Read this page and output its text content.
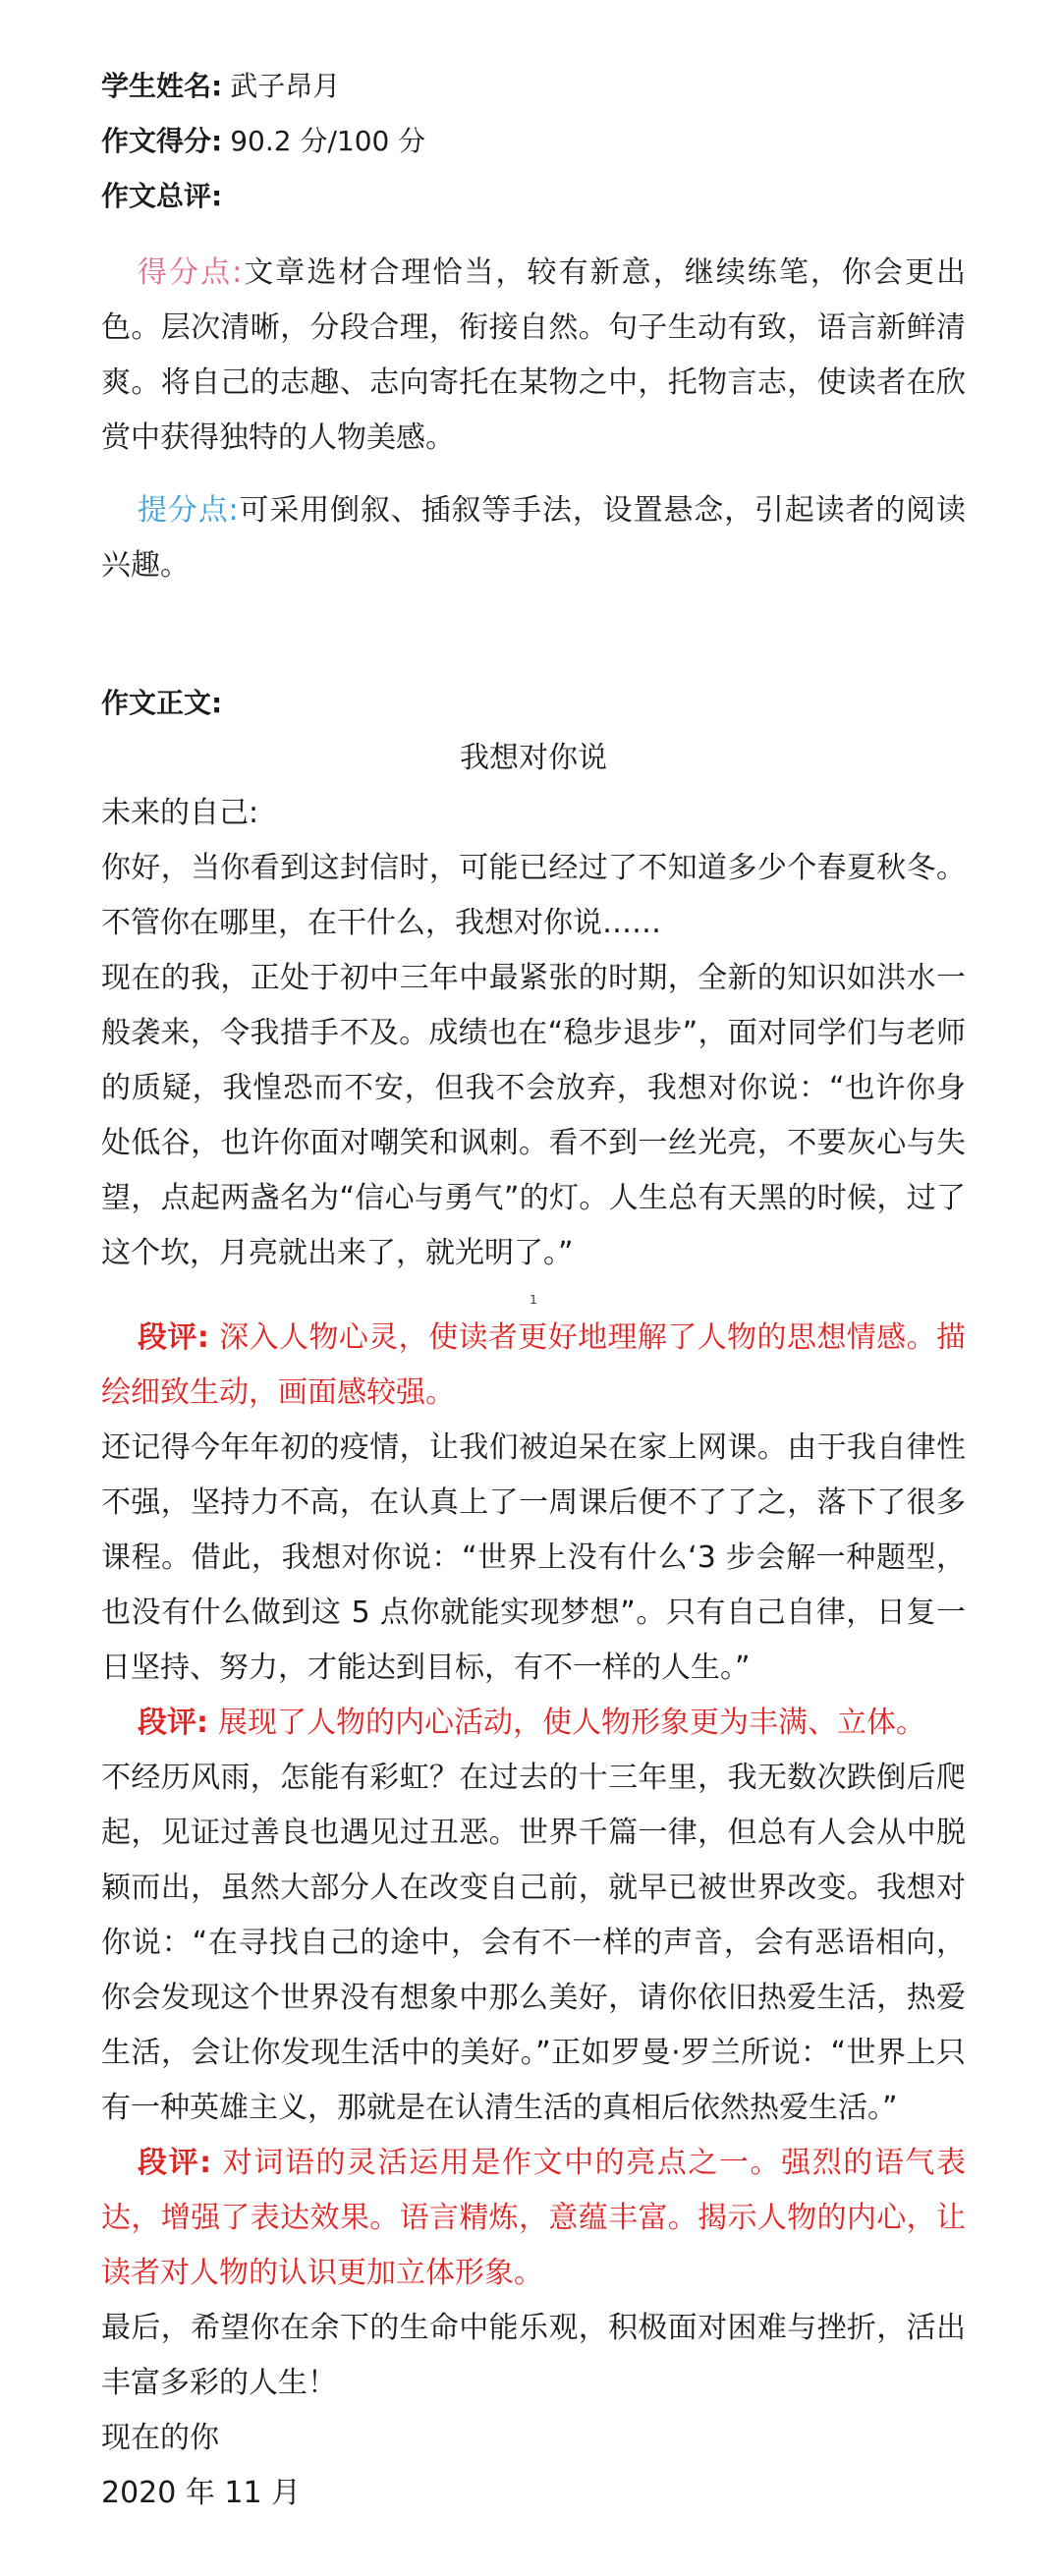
学生姓名: 武子昂月
作文得分: 90.2 分/100 分
作文总评:

得分点:文章选材合理恰当，较有新意，继续练笔，你会更出色。层次清晰，分段合理，衔接自然。句子生动有致，语言新鲜清爽。将自己的志趣、志向寄托在某物之中，托物言志，使读者在欣赏中获得独特的人物美感。

提分点:可采用倒叙、插叙等手法，设置悬念，引起读者的阅读兴趣。

作文正文:

我想对你说

未来的自己:

你好，当你看到这封信时，可能已经过了不知道多少个春夏秋冬。不管你在哪里，在干什么，我想对你说……

现在的我，正处于初中三年中最紧张的时期，全新的知识如洪水一般袭来，令我措手不及。成绩也在“稳步退步”，面对同学们与老师的质疑，我惶恐而不安，但我不会放弃，我想对你说：“也许你身处低谷，也许你面对嘲笑和讽刺。看不到一丝光亮，不要灰心与失望，点起两盏名为“信心与勇气”的灯。人生总有天黑的时候，过了这个坎，月亮就出来了，就光明了。”

1

段评: 深入人物心灵，使读者更好地理解了人物的思想情感。描绘细致生动，画面感较强。

还记得今年年初的疫情，让我们被迫呆在家上网课。由于我自律性不强，坚持力不高，在认真上了一周课后便不了了之，落下了很多课程。借此，我想对你说：“世界上没有什么‘3 步会解一种题型，也没有什么做到这 5 点你就能实现梦想”。只有自己自律，日复一日坚持、努力，才能达到目标，有不一样的人生。”

段评: 展现了人物的内心活动，使人物形象更为丰满、立体。

不经历风雨，怎能有彩虹？在过去的十三年里，我无数次跌倒后爬起，见证过善良也遇见过丑恶。世界千篇一律，但总有人会从中脱颖而出，虽然大部分人在改变自己前，就早已被世界改变。我想对你说：“在寻找自己的途中，会有不一样的声音，会有恶语相向，你会发现这个世界没有想象中那么美好，请你依旧热爱生活，热爱生活，会让你发现生活中的美好。”正如罗曼·罗兰所说：“世界上只有一种英雄主义，那就是在认清生活的真相后依然热爱生活。”

段评: 对词语的灵活运用是作文中的亮点之一。强烈的语气表达，增强了表达效果。语言精炼，意蕴丰富。揭示人物的内心，让读者对人物的认识更加立体形象。

最后，希望你在余下的生命中能乐观，积极面对困难与挫折，活出丰富多彩的人生！

现在的你

2020 年 11 月
